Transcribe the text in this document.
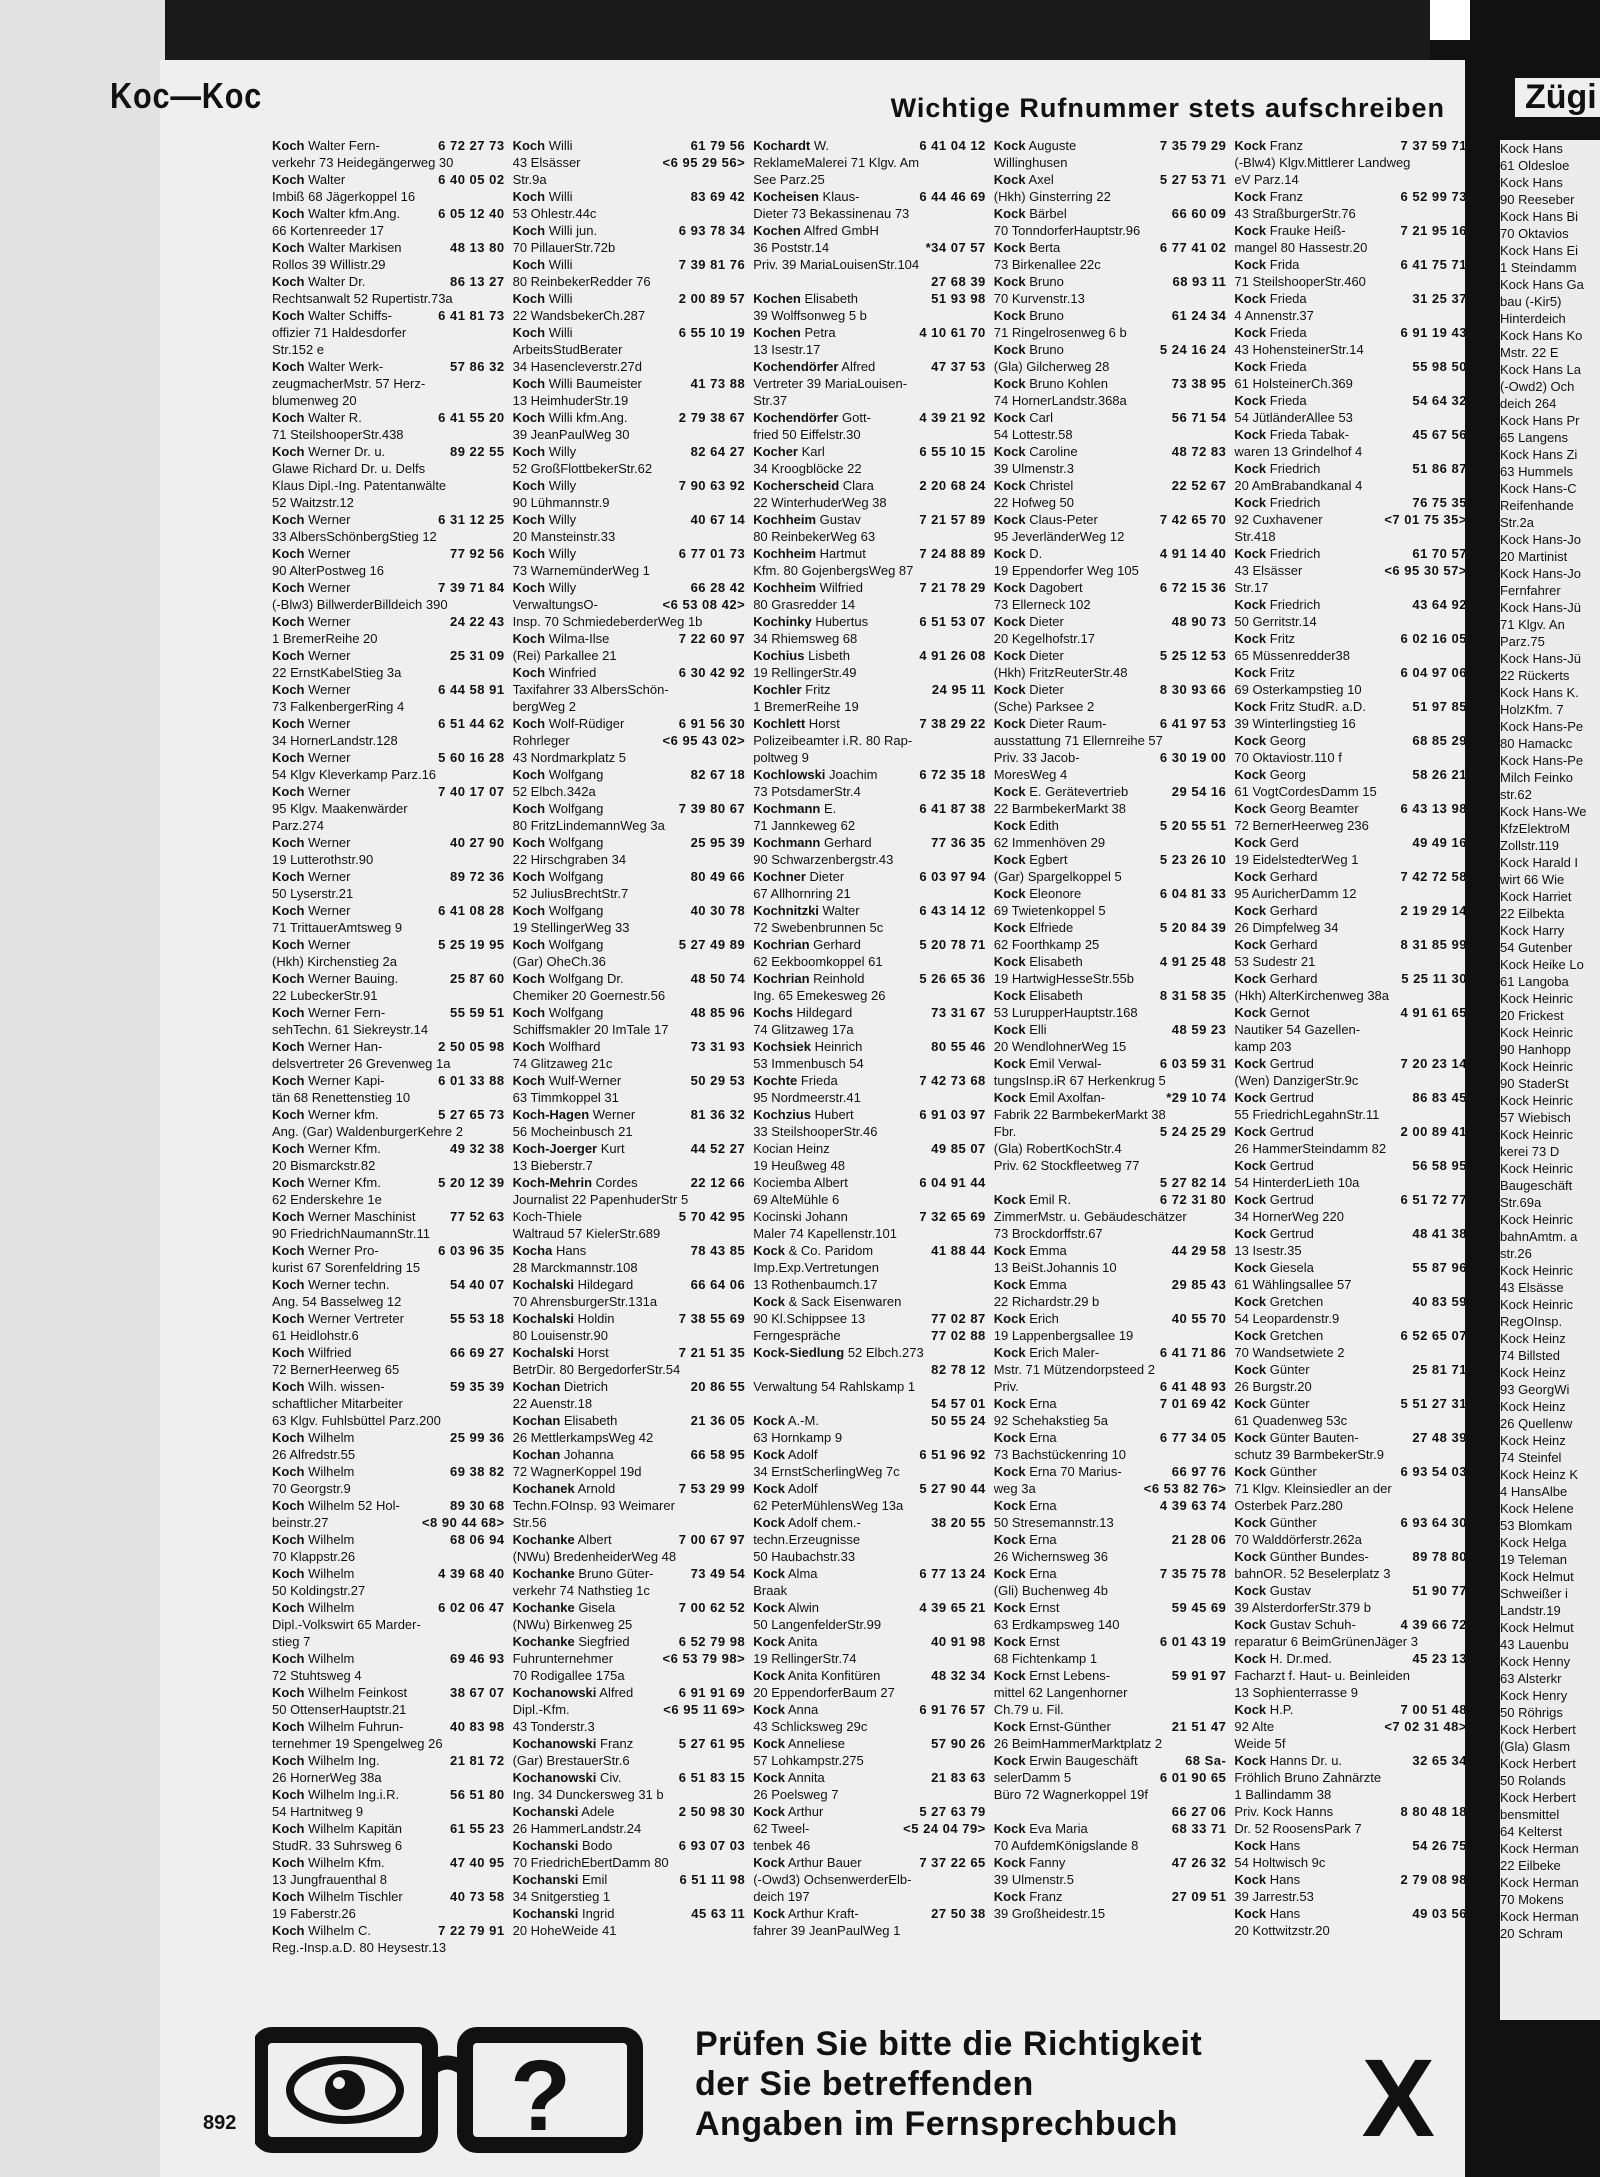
Koc—Koc	Wichtige Rufnummer stets aufschreiben Zügi
Koch Walter Fern-	6 72 27 73
verkehr 73 Heidegängerweg 30
Koch Walter	6 40 05 02
Imbiß 68 Jägerkoppel 16
Koch Walter kfm.Ang.	6 05 12 40
66 Kortenreeder 17
Koch Walter Markisen	48 13 80
Rollos 39 Willistr.29
Koch Walter Dr.	86 13 27
Rechtsanwalt 52 Rupertistr.73a
Koch Walter Schiffs-	6 41 81 73
offizier 71 Haldesdorfer
Str.152 e
Koch Walter Werk-	57 86 32
zeugmacherMstr. 57 Herz-
blumenweg 20
Koch Walter R.	6 41 55 20
71 SteilshooperStr.438
Koch Werner Dr. u.	89 22 55
Glawe Richard Dr. u. Delfs
Klaus Dipl.-Ing. Patentanwälte
52 Waitzstr.12
Koch Werner	6 31 12 25
33 AlbersSchönbergStieg 12
Koch Werner	77 92 56
90 AlterPostweg 16
Koch Werner	7 39 71 84
(-Blw3) BillwerderBilldeich 390
Koch Werner	24 22 43
1 BremerReihe 20
Koch Werner	25 31 09
22 ErnstKabelStieg 3a
Koch Werner	6 44 58 91
73 FalkenbergerRing 4
Koch Werner	6 51 44 62
34 HornerLandstr.128
Koch Werner	5 60 16 28
54 Klgv Kleverkamp Parz.16
Koch Werner	7 40 17 07
95 Klgv. Maakenwärder
Parz.274
Koch Werner	40 27 90
19 Lutterothstr.90
Koch Werner	89 72 36
50 Lyserstr.21
Koch Werner	6 41 08 28
71 TrittauerAmtsweg 9
Koch Werner	5 25 19 95
(Hkh) Kirchenstieg 2a
Koch Werner Bauing.	25 87 60
22 LubeckerStr.91
Koch Werner Fern-	55 59 51
sehTechn. 61 Siekreystr.14
Koch Werner Han-	2 50 05 98
delsvertreter 26 Grevenweg 1a
Koch Werner Kapi-	6 01 33 88
tän 68 Renettenstieg 10
Koch Werner kfm.	5 27 65 73
Ang. (Gar) WaldenburgerKehre 2
Koch Werner Kfm.	49 32 38
20 Bismarckstr.82
Koch Werner Kfm.	5 20 12 39
62 Enderskehre 1e
Koch Werner Maschinist	77 52 63
90 FriedrichNaumannStr.11
Koch Werner Pro-	6 03 96 35
kurist 67 Sorenfeldring 15
Koch Werner techn.	54 40 07
Ang. 54 Basselweg 12
Koch Werner Vertreter	55 53 18
61 Heidlohstr.6
Koch Wilfried	66 69 27
72 BernerHeerweg 65
Koch Wilh. wissen-	59 35 39
schaftlicher Mitarbeiter
63 Klgv. Fuhlsbüttel Parz.200
Koch Wilhelm	25 99 36
26 Alfredstr.55
Koch Wilhelm	69 38 82
70 Georgstr.9
Koch Wilhelm 52 Hol-	89 30 68
beinstr.27	<8 90 44 68>
Koch Wilhelm	68 06 94
70 Klappstr.26
Koch Wilhelm	4 39 68 40
50 Koldingstr.27
Koch Wilhelm	6 02 06 47
Dipl.-Volkswirt 65 Marder-
stieg 7
Koch Wilhelm	69 46 93
72 Stuhtsweg 4
Koch Wilhelm Feinkost	38 67 07
50 OttenserHauptstr.21
Koch Wilhelm Fuhrun-	40 83 98
ternehmer 19 Spengelweg 26
Koch Wilhelm Ing.	21 81 72
26 HornerWeg 38a
Koch Wilhelm Ing.i.R.	56 51 80
54 Hartnitweg 9
Koch Wilhelm Kapitän	61 55 23
StudR. 33 Suhrsweg 6
Koch Wilhelm Kfm.	47 40 95
13 Jungfrauenthal 8
Koch Wilhelm Tischler	40 73 58
19 Faberstr.26
Koch Wilhelm C.	7 22 79 91
Reg.-Insp.a.D. 80 Heysestr.13
Koch Willi	61 79 56
43 Elsässer	<6 95 29 56>
Str.9a
Koch Willi	83 69 42
53 Ohlestr.44c
Koch Willi jun.	6 93 78 34
70 PillauerStr.72b
Koch Willi	7 39 81 76
80 ReinbekerRedder 76
Koch Willi	2 00 89 57
22 WandsbekerCh.287
Koch Willi	6 55 10 19
ArbeitsStudBerater
34 Hasencleverstr.27d
Koch Willi Baumeister	41 73 88
13 HeimhuderStr.19
Koch Willi kfm.Ang.	2 79 38 67
39 JeanPaulWeg 30
Koch Willy	82 64 27
52 GroßFlottbekerStr.62
Koch Willy	7 90 63 92
90 Lühmannstr.9
Koch Willy	40 67 14
20 Mansteinstr.33
Koch Willy	6 77 01 73
73 WarnemünderWeg 1
Koch Willy	66 28 42
VerwaltungsO-	<6 53 08 42>
Insp. 70 SchmiedeberderWeg 1b
Koch Wilma-Ilse	7 22 60 97
(Rei) Parkallee 21
Koch Winfried	6 30 42 92
Taxifahrer 33 AlbersSchön-
bergWeg 2
Koch Wolf-Rüdiger	6 91 56 30
Rohrleger	<6 95 43 02>
43 Nordmarkplatz 5
Koch Wolfgang	82 67 18
52 Elbch.342a
Koch Wolfgang	7 39 80 67
80 FritzLindemannWeg 3a
Koch Wolfgang	25 95 39
22 Hirschgraben 34
Koch Wolfgang	80 49 66
52 JuliusBrechtStr.7
Koch Wolfgang	40 30 78
19 StellingerWeg 33
Koch Wolfgang	5 27 49 89
(Gar) OheCh.36
Koch Wolfgang Dr.	48 50 74
Chemiker 20 Goernestr.56
Koch Wolfgang	48 85 96
Schiffsmakler 20 ImTale 17
Koch Wolfhard	73 31 93
74 Glitzaweg 21c
Koch Wulf-Werner	50 29 53
63 Timmkoppel 31
Koch-Hagen Werner	81 36 32
56 Mocheinbusch 21
Koch-Joerger Kurt	44 52 27
13 Bieberstr.7
Koch-Mehrin Cordes	22 12 66
Journalist 22 PapenhuderStr 5
Koch-Thiele	5 70 42 95
Waltraud 57 KielerStr.689
Kocha Hans	78 43 85
28 Marckmannstr.108
Kochalski Hildegard	66 64 06
70 AhrensburgerStr.131a
Kochalski Holdin	7 38 55 69
80 Louisenstr.90
Kochalski Horst	7 21 51 35
BetrDir. 80 BergedorferStr.54
Kochan Dietrich	20 86 55
22 Auenstr.18
Kochan Elisabeth	21 36 05
26 MettlerkampsWeg 42
Kochan Johanna	66 58 95
72 WagnerKoppel 19d
Kochanek Arnold	7 53 29 99
Techn.FOInsp. 93 Weimarer
Str.56
Kochanke Albert	7 00 67 97
(NWu) BredenheiderWeg 48
Kochanke Bruno Güter-	73 49 54
verkehr 74 Nathstieg 1c
Kochanke Gisela	7 00 62 52
(NWu) Birkenweg 25
Kochanke Siegfried	6 52 79 98
Fuhrunternehmer	<6 53 79 98>
70 Rodigallee 175a
Kochanowski Alfred	6 91 91 69
Dipl.-Kfm.	<6 95 11 69>
43 Tonderstr.3
Kochanowski Franz	5 27 61 95
(Gar) BrestauerStr.6
Kochanowski Civ.	6 51 83 15
Ing. 34 Dunckersweg 31 b
Kochanski Adele	2 50 98 30
26 HammerLandstr.24
Kochanski Bodo	6 93 07 03
70 FriedrichEbertDamm 80
Kochanski Emil	6 51 11 98
34 Snitgerstieg 1
Kochanski Ingrid	45 63 11
20 HoheWeide 41
Kochardt W.	6 41 04 12
ReklameMalerei 71 Klgv. Am
See Parz.25
Kocheisen Klaus-	6 44 46 69
Dieter 73 Bekassinenau 73
Kochen Alfred GmbH
36 Poststr.14	*34 07 57
Priv. 39 MariaLouisenStr.104
27 68 39
Kochen Elisabeth	51 93 98
39 Wolffsonweg 5 b
Kochen Petra	4 10 61 70
13 Isestr.17
Kochendörfer Alfred	47 37 53
Vertreter 39 MariaLouisen-
Str.37
Kochendörfer Gott-	4 39 21 92
fried 50 Eiffelstr.30
Kocher Karl	6 55 10 15
34 Kroogblöcke 22
Kocherscheid Clara	2 20 68 24
22 WinterhuderWeg 38
Kochheim Gustav	7 21 57 89
80 ReinbekerWeg 63
Kochheim Hartmut	7 24 88 89
Kfm. 80 GojenbergsWeg 87
Kochheim Wilfried	7 21 78 29
80 Grasredder 14
Kochinky Hubertus	6 51 53 07
34 Rhiemsweg 68
Kochius Lisbeth	4 91 26 08
19 RellingerStr.49
Kochler Fritz	24 95 11
1 BremerReihe 19
Kochlett Horst	7 38 29 22
Polizeibeamter i.R. 80 Rap-
poltweg 9
Kochlowski Joachim	6 72 35 18
73 PotsdamerStr.4
Kochmann E.	6 41 87 38
71 Jannkeweg 62
Kochmann Gerhard	77 36 35
90 Schwarzenbergstr.43
Kochner Dieter	6 03 97 94
67 Allhornring 21
Kochnitzki Walter	6 43 14 12
72 Swebenbrunnen 5c
Kochrian Gerhard	5 20 78 71
62 Eekboomkoppel 61
Kochrian Reinhold	5 26 65 36
Ing. 65 Emekesweg 26
Kochs Hildegard	73 31 67
74 Glitzaweg 17a
Kochsiek Heinrich	80 55 46
53 Immenbusch 54
Kochte Frieda	7 42 73 68
95 Nordmeerstr.41
Kochzius Hubert	6 91 03 97
33 SteilshooperStr.46
Kocian Heinz	49 85 07
19 Heußweg 48
Kociemba Albert	6 04 91 44
69 AlteMühle 6
Kocinski Johann	7 32 65 69
Maler 74 Kapellenstr.101
Kock & Co. Paridom	41 88 44
Imp.Exp.Vertretungen
13 Rothenbaumch.17
Kock & Sack Eisenwaren
90 Kl.Schippsee 13	77 02 87
Ferngespräche	77 02 88
Kock-Siedlung 52 Elbch.273
82 78 12
Verwaltung 54 Rahlskamp 1
54 57 01
Kock A.-M.	50 55 24
63 Hornkamp 9
Kock Adolf	6 51 96 92
34 ErnstScherlingWeg 7c
Kock Adolf	5 27 90 44
62 PeterMühlensWeg 13a
Kock Adolf chem.-	38 20 55
techn.Erzeugnisse
50 Haubachstr.33
Kock Alma	6 77 13 24
Braak
Kock Alwin	4 39 65 21
50 LangenfelderStr.99
Kock Anita	40 91 98
19 RellingerStr.74
Kock Anita Konfitüren	48 32 34
20 EppendorferBaum 27
Kock Anna	6 91 76 57
43 Schlicksweg 29c
Kock Anneliese	57 90 26
57 Lohkampstr.275
Kock Annita	21 83 63
26 Poelsweg 7
Kock Arthur	5 27 63 79
62 Tweel-	<5 24 04 79>
tenbek 46
Kock Arthur Bauer	7 37 22 65
(-Owd3) OchsenwerderElb-
deich 197
Kock Arthur Kraft-	27 50 38
fahrer 39 JeanPaulWeg 1
Kock Auguste	7 35 79 29
Willinghusen
Kock Axel	5 27 53 71
(Hkh) Ginsterring 22
Kock Bärbel	66 60 09
70 TonndorferHauptstr.96
Kock Berta	6 77 41 02
73 Birkenallee 22c
Kock Bruno	68 93 11
70 Kurvenstr.13
Kock Bruno	61 24 34
71 Ringelrosenweg 6 b
Kock Bruno	5 24 16 24
(Gla) Gilcherweg 28
Kock Bruno Kohlen	73 38 95
74 HornerLandstr.368a
Kock Carl	56 71 54
54 Lottestr.58
Kock Caroline	48 72 83
39 Ulmenstr.3
Kock Christel	22 52 67
22 Hofweg 50
Kock Claus-Peter	7 42 65 70
95 JeverländerWeg 12
Kock D.	4 91 14 40
19 Eppendorfer Weg 105
Kock Dagobert	6 72 15 36
73 Ellerneck 102
Kock Dieter	48 90 73
20 Kegelhofstr.17
Kock Dieter	5 25 12 53
(Hkh) FritzReuterStr.48
Kock Dieter	8 30 93 66
(Sche) Parksee 2
Kock Dieter Raum-	6 41 97 53
ausstattung 71 Ellernreihe 57
Priv. 33 Jacob-	6 30 19 00
MoresWeg 4
Kock E. Gerätevertrieb	29 54 16
22 BarmbekerMarkt 38
Kock Edith	5 20 55 51
62 Immenhöven 29
Kock Egbert	5 23 26 10
(Gar) Spargelkoppel 5
Kock Eleonore	6 04 81 33
69 Twietenkoppel 5
Kock Elfriede	5 20 84 39
62 Foorthkamp 25
Kock Elisabeth	4 91 25 48
19 HartwigHesseStr.55b
Kock Elisabeth	8 31 58 35
53 LurupperHauptstr.168
Kock Elli	48 59 23
20 WendlohnerWeg 15
Kock Emil Verwal-	6 03 59 31
tungsInsp.iR 67 Herkenkrug 5
Kock Emil Axolfan-	*29 10 74
Fabrik 22 BarmbekerMarkt 38
Fbr.	5 24 25 29
(Gla) RobertKochStr.4
Priv. 62 Stockfleetweg 77
5 27 82 14
Kock Emil R.	6 72 31 80
ZimmerMstr. u. Gebäudeschätzer
73 Brockdorffstr.67
Kock Emma	44 29 58
13 BeiSt.Johannis 10
Kock Emma	29 85 43
22 Richardstr.29 b
Kock Erich	40 55 70
19 Lappenbergsallee 19
Kock Erich Maler-	6 41 71 86
Mstr. 71 Mützendorpsteed 2
Priv.	6 41 48 93
Kock Erna	7 01 69 42
92 Schehakstieg 5a
Kock Erna	6 77 34 05
73 Bachstückenring 10
Kock Erna 70 Marius-	66 97 76
weg 3a	<6 53 82 76>
Kock Erna	4 39 63 74
50 Stresemannstr.13
Kock Erna	21 28 06
26 Wichernsweg 36
Kock Erna	7 35 75 78
(Gli) Buchenweg 4b
Kock Ernst	59 45 69
63 Erdkampsweg 140
Kock Ernst	6 01 43 19
68 Fichtenkamp 1
Kock Ernst Lebens-	59 91 97
mittel 62 Langenhorner
Ch.79 u. Fil.
Kock Ernst-Günther	21 51 47
26 BeimHammerMarktplatz 2
Kock Erwin Baugeschäft	68 Sa-
selerDamm 5	6 01 90 65
Büro 72 Wagnerkoppel 19f
66 27 06
Kock Eva Maria	68 33 71
70 AufdemKönigslande 8
Kock Fanny	47 26 32
39 Ulmenstr.5
Kock Franz	27 09 51
39 Großheidestr.15
Kock Franz	7 37 59 71
(-Blw4) Klgv.Mittlerer Landweg
eV Parz.14
Kock Franz	6 52 99 73
43 StraßburgerStr.76
Kock Frauke Heiß-	7 21 95 16
mangel 80 Hassestr.20
Kock Frida	6 41 75 71
71 SteilshooperStr.460
Kock Frieda	31 25 37
4 Annenstr.37
Kock Frieda	6 91 19 43
43 HohensteinerStr.14
Kock Frieda	55 98 50
61 HolsteinerCh.369
Kock Frieda	54 64 32
54 JütländerAllee 53
Kock Frieda Tabak-	45 67 56
waren 13 Grindelhof 4
Kock Friedrich	51 86 87
20 AmBrabandkanal 4
Kock Friedrich	76 75 35
92 Cuxhavener	<7 01 75 35>
Str.418
Kock Friedrich	61 70 57
43 Elsässer	<6 95 30 57>
Str.17
Kock Friedrich	43 64 92
50 Gerritstr.14
Kock Fritz	6 02 16 05
65 Müssenredder38
Kock Fritz	6 04 97 06
69 Osterkampstieg 10
Kock Fritz StudR. a.D.	51 97 85
39 Winterlingstieg 16
Kock Georg	68 85 29
70 Oktaviostr.110 f
Kock Georg	58 26 21
61 VogtCordesDamm 15
Kock Georg Beamter	6 43 13 98
72 BernerHeerweg 236
Kock Gerd	49 49 16
19 EidelstedterWeg 1
Kock Gerhard	7 42 72 58
95 AuricherDamm 12
Kock Gerhard	2 19 29 14
26 Dimpfelweg 34
Kock Gerhard	8 31 85 99
53 Sudestr 21
Kock Gerhard	5 25 11 30
(Hkh) AlterKirchenweg 38a
Kock Gernot	4 91 61 65
Nautiker 54 Gazellen-
kamp 203
Kock Gertrud	7 20 23 14
(Wen) DanzigerStr.9c
Kock Gertrud	86 83 45
55 FriedrichLegahnStr.11
Kock Gertrud	2 00 89 41
26 HammerSteindamm 82
Kock Gertrud	56 58 95
54 HinterderLieth 10a
Kock Gertrud	6 51 72 77
34 HornerWeg 220
Kock Gertrud	48 41 38
13 Isestr.35
Kock Giesela	55 87 96
61 Wählingsallee 57
Kock Gretchen	40 83 59
54 Leopardenstr.9
Kock Gretchen	6 52 65 07
70 Wandsetwiete 2
Kock Günter	25 81 71
26 Burgstr.20
Kock Günter	5 51 27 31
61 Quadenweg 53c
Kock Günter Bauten-	27 48 39
schutz 39 BarmbekerStr.9
Kock Günther	6 93 54 03
71 Klgv. Kleinsiedler an der
Osterbek Parz.280
Kock Günther	6 93 64 30
70 Walddörferstr.262a
Kock Günther Bundes-	89 78 80
bahnOR. 52 Beselerplatz 3
Kock Gustav	51 90 77
39 AlsterdorferStr.379 b
Kock Gustav Schuh-	4 39 66 72
reparatur 6 BeimGrünenJäger 3
Kock H. Dr.med.	45 23 13
Facharzt f. Haut- u. Beinleiden
13 Sophienterrasse 9
Kock H.P.	7 00 51 48
92 Alte	<7 02 31 48>
Weide 5f
Kock Hanns Dr. u.	32 65 34
Fröhlich Bruno Zahnärzte
1 Ballindamm 38
Priv. Kock Hanns	8 80 48 18
Dr. 52 RoosensPark 7
Kock Hans	54 26 75
54 Holtwisch 9c
Kock Hans	2 79 08 98
39 Jarrestr.53
Kock Hans	49 03 56
20 Kottwitzstr.20
Kock Hans
61 Oldesloe
Kock Hans
90 Reeseber
Kock Hans Bi
70 Oktavios
Kock Hans Ei
1 Steindamm
Kock Hans Ga
bau (-Kir5)
Hinterdeich
Kock Hans Ko
Mstr. 22 E
Kock Hans La
(-Owd2) Och
deich 264
Kock Hans Pr
65 Langens
Kock Hans Zi
63 Hummels
Kock Hans-C
Reifenhande
Str.2a
Kock Hans-Jo
20 Martinist
Kock Hans-Jo
Fernfahrer
Kock Hans-Jü
71 Klgv. An
Parz.75
Kock Hans-Jü
22 Rückerts
Kock Hans K.
HolzKfm. 7
Kock Hans-Pe
80 Hamackc
Kock Hans-Pe
Milch Feinko
str.62
Kock Hans-We
KfzElektroM
Zollstr.119
Kock Harald I
wirt 66 Wie
Kock Harriet
22 Eilbekta
Kock Harry
54 Gutenber
Kock Heike Lo
61 Langoba
Kock Heinric
20 Frickest
Kock Heinric
90 Hanhopp
Kock Heinric
90 StaderSt
Kock Heinric
57 Wiebisch
Kock Heinric
kerei 73 D
Kock Heinric
Baugeschäft
Str.69a
Kock Heinric
bahnAmtm. a
str.26
Kock Heinric
43 Elsässe
Kock Heinric
RegOInsp.
Kock Heinz
74 Billsted
Kock Heinz
93 GeorgWi
Kock Heinz
26 Quellenw
Kock Heinz
74 Steinfel
Kock Heinz K
4 HansAlbe
Kock Helene
53 Blomkam
Kock Helga
19 Teleman
Kock Helmut
Schweißer i
Landstr.19
Kock Helmut
43 Lauenbu
Kock Henny
63 Alsterkr
Kock Henry
50 Röhrigs
Kock Herbert
(Gla) Glasm
Kock Herbert
50 Rolands
Kock Herbert
bensmittel
64 Kelterst
Kock Herman
22 Eilbeke
Kock Herman
70 Mokens
Kock Herman
20 Schram
?	Prüfen Sie bitte die Richtigkeit
der Sie betreffenden
Angaben im Fernsprechbuch X
892
